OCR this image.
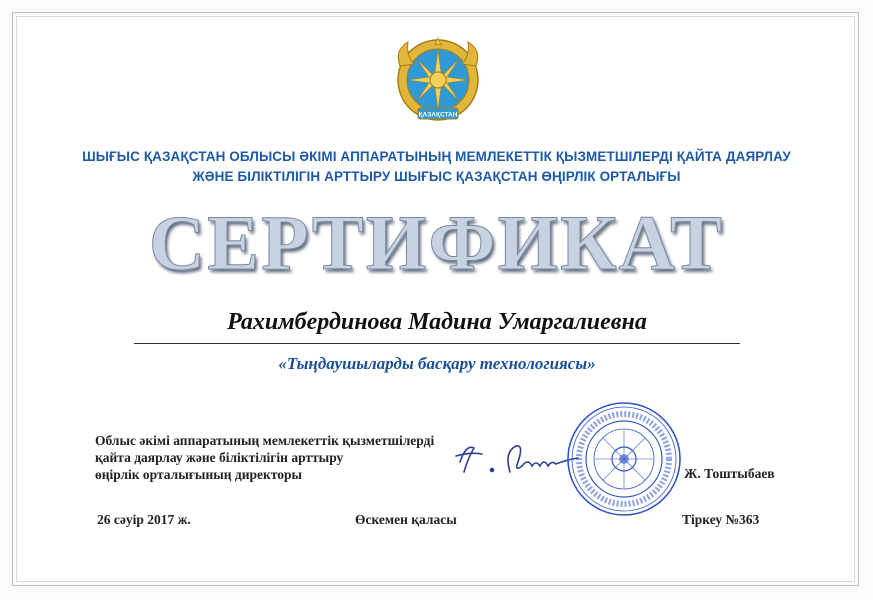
ҚАЗАҚСТАН
ШЫҒЫС ҚАЗАҚСТАН ОБЛЫСЫ ӘКІМІ АППАРАТЫНЫҢ МЕМЛЕКЕТТІК ҚЫЗМЕТШІЛЕРДІ ҚАЙТА ДАЯРЛАУ
ЖӘНЕ БІЛІКТІЛІГІН АРТТЫРУ ШЫҒЫС ҚАЗАҚСТАН ӨҢІРЛІК ОРТАЛЫҒЫ
СЕРТИФИКАТ
Рахимбердинова Мадина Умаргалиевна
«Тыңдаушыларды басқару технологиясы»
Облыс әкімі аппаратының мемлекеттік қызметшілерді
қайта даярлау және біліктілігін арттыру
өңірлік орталығының директоры	Ж. Тоштыбаев
26 сәуір 2017 ж.	Өскемен қаласы	Тіркеу №363
